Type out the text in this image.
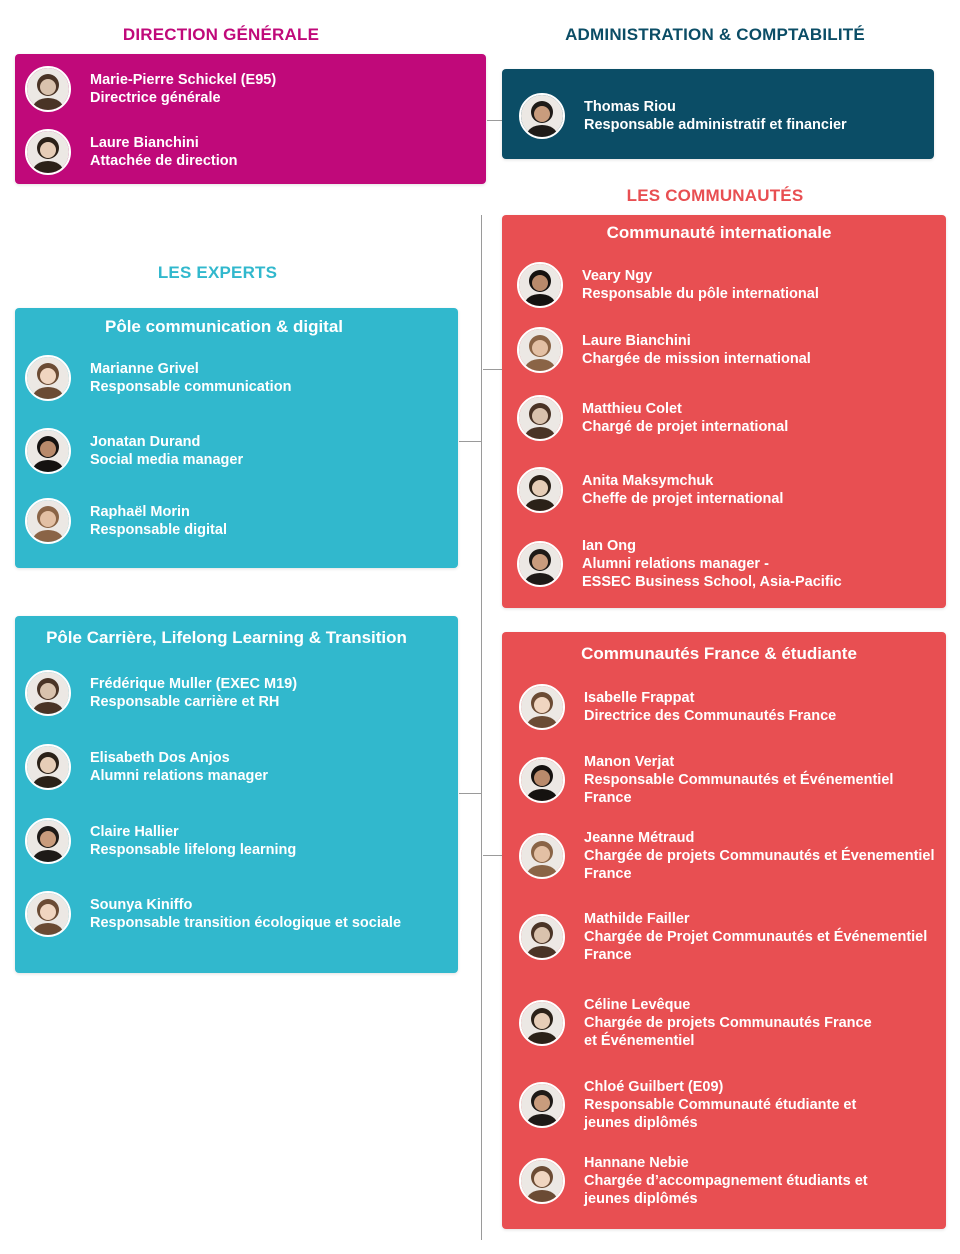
DIRECTION GÉNÉRALE	ADMINISTRATION & COMPTABILITÉ
LES COMMUNAUTÉS
LES EXPERTS
Marie-Pierre Schickel (E95)
Directrice générale
Laure Bianchini
Attachée de direction
Thomas Riou
Responsable administratif et financier
Pôle communication & digital
Marianne Grivel
Responsable communication
Jonatan Durand
Social media manager
Raphaël Morin
Responsable digital
Pôle Carrière, Lifelong Learning & Transition
Frédérique Muller (EXEC M19)
Responsable carrière et RH
Elisabeth Dos Anjos
Alumni relations manager
Claire Hallier
Responsable lifelong learning
Sounya Kiniffo
Responsable transition écologique et sociale
Communauté internationale
Veary Ngy
Responsable du pôle international
Laure Bianchini
Chargée de mission international
Matthieu Colet
Chargé de projet international
Anita Maksymchuk
Cheffe de projet international
Ian Ong
Alumni relations manager -
ESSEC Business School, Asia-Pacific
Communautés France & étudiante
Isabelle Frappat
Directrice des Communautés France
Manon Verjat
Responsable Communautés et Événementiel
France
Jeanne Métraud
Chargée de projets Communautés et Évenementiel
France
Mathilde Failler
Chargée de Projet Communautés et Événementiel
France
Céline Levêque
Chargée de projets Communautés France
et Événementiel
Chloé Guilbert (E09)
Responsable Communauté étudiante et
jeunes diplômés
Hannane Nebie
Chargée d’accompagnement étudiants et
jeunes diplômés
